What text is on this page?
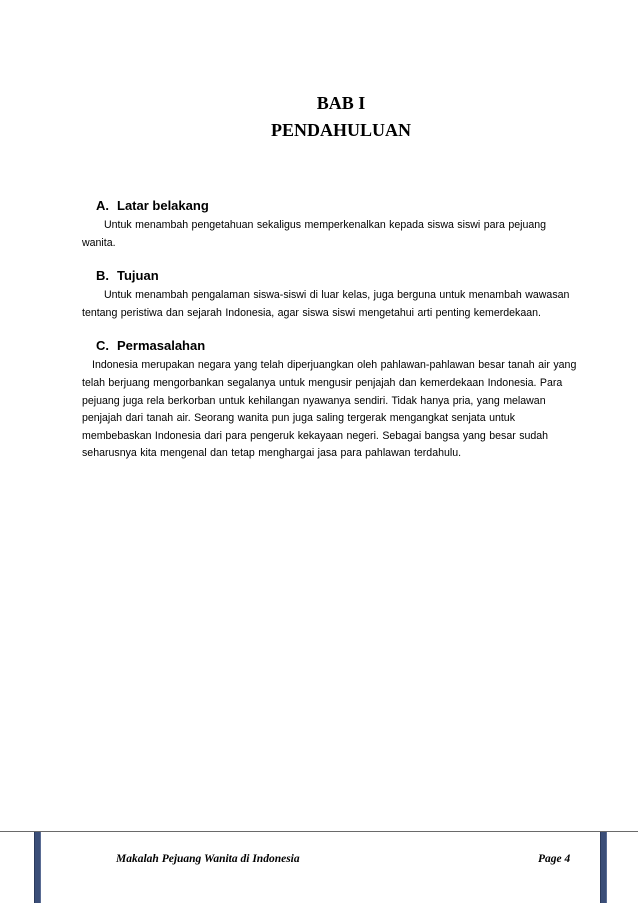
BAB I
PENDAHULUAN
A. Latar belakang

Untuk menambah pengetahuan sekaligus memperkenalkan kepada siswa siswi para pejuang wanita.

B. Tujuan

Untuk menambah pengalaman siswa-siswi di luar kelas, juga berguna untuk menambah wawasan tentang peristiwa dan sejarah Indonesia, agar siswa siswi mengetahui arti penting kemerdekaan.

C. Permasalahan

Indonesia merupakan negara yang telah diperjuangkan oleh pahlawan-pahlawan besar tanah air yang telah berjuang mengorbankan segalanya untuk mengusir penjajah dan kemerdekaan Indonesia. Para pejuang juga rela berkorban untuk kehilangan nyawanya sendiri. Tidak hanya pria, yang melawan penjajah dari tanah air. Seorang wanita pun juga saling tergerak mengangkat senjata untuk membebaskan Indonesia dari para pengeruk kekayaan negeri. Sebagai bangsa yang besar sudah seharusnya kita mengenal dan tetap menghargai jasa para pahlawan terdahulu.

Makalah Pejuang Wanita di Indonesia	Page 4
